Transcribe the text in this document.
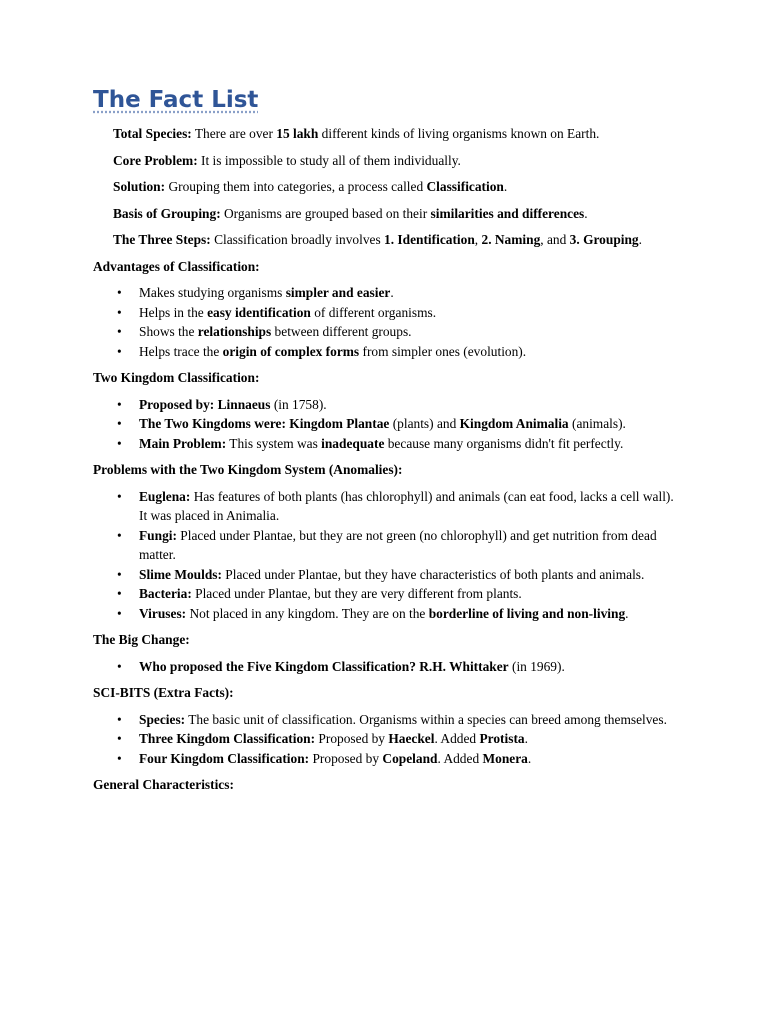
The Fact List

Total Species: There are over 15 lakh different kinds of living organisms known on Earth.

Core Problem: It is impossible to study all of them individually.

Solution: Grouping them into categories, a process called Classification.

Basis of Grouping: Organisms are grouped based on their similarities and differences.

The Three Steps: Classification broadly involves 1. Identification, 2. Naming, and 3. Grouping.

Advantages of Classification:

• Makes studying organisms simpler and easier.
• Helps in the easy identification of different organisms.
• Shows the relationships between different groups.
• Helps trace the origin of complex forms from simpler ones (evolution).

Two Kingdom Classification:

• Proposed by: Linnaeus (in 1758).
• The Two Kingdoms were: Kingdom Plantae (plants) and Kingdom Animalia (animals).
• Main Problem: This system was inadequate because many organisms didn't fit perfectly.

Problems with the Two Kingdom System (Anomalies):

• Euglena: Has features of both plants (has chlorophyll) and animals (can eat food, lacks a cell wall). It was placed in Animalia.
• Fungi: Placed under Plantae, but they are not green (no chlorophyll) and get nutrition from dead matter.
• Slime Moulds: Placed under Plantae, but they have characteristics of both plants and animals.
• Bacteria: Placed under Plantae, but they are very different from plants.
• Viruses: Not placed in any kingdom. They are on the borderline of living and non-living.

The Big Change:

• Who proposed the Five Kingdom Classification? R.H. Whittaker (in 1969).

SCI-BITS (Extra Facts):

• Species: The basic unit of classification. Organisms within a species can breed among themselves.
• Three Kingdom Classification: Proposed by Haeckel. Added Protista.
• Four Kingdom Classification: Proposed by Copeland. Added Monera.

General Characteristics:
